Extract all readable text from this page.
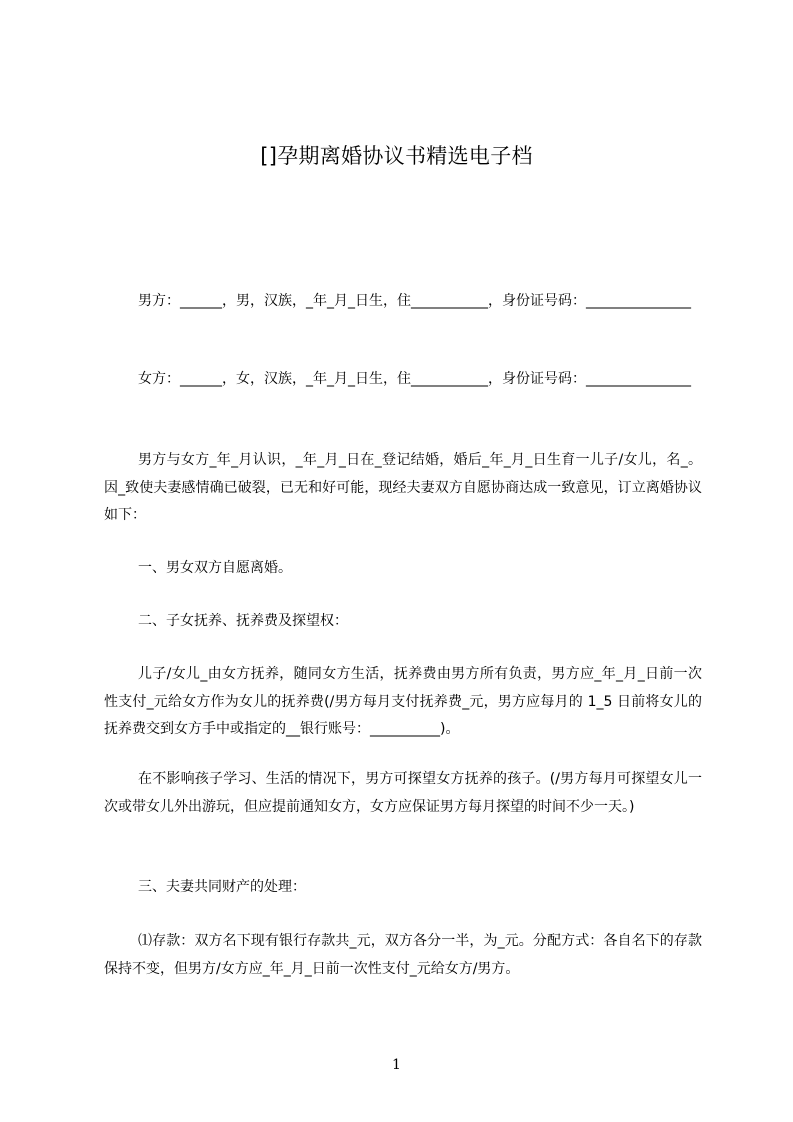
[]孕期离婚协议书精选电子档
男方：______，男，汉族，_年_月_日生，住___________，身份证号码：_______________
女方：______，女，汉族，_年_月_日生，住___________，身份证号码：_______________
男方与女方_年_月认识，_年_月_日在_登记结婚，婚后_年_月_日生育一儿子/女儿，名_。因_致使夫妻感情确已破裂，已无和好可能，现经夫妻双方自愿协商达成一致意见，订立离婚协议如下：
一、男女双方自愿离婚。
二、子女抚养、抚养费及探望权：
儿子/女儿_由女方抚养，随同女方生活，抚养费由男方所有负责，男方应_年_月_日前一次性支付_元给女方作为女儿的抚养费(/男方每月支付抚养费_元，男方应每月的 1_5 日前将女儿的抚养费交到女方手中或指定的__银行账号：__________)。
在不影响孩子学习、生活的情况下，男方可探望女方抚养的孩子。(/男方每月可探望女儿一次或带女儿外出游玩，但应提前通知女方，女方应保证男方每月探望的时间不少一天。)
三、夫妻共同财产的处理：
⑴存款：双方名下现有银行存款共_元，双方各分一半，为_元。分配方式：各自名下的存款保持不变，但男方/女方应_年_月_日前一次性支付_元给女方/男方。
1
